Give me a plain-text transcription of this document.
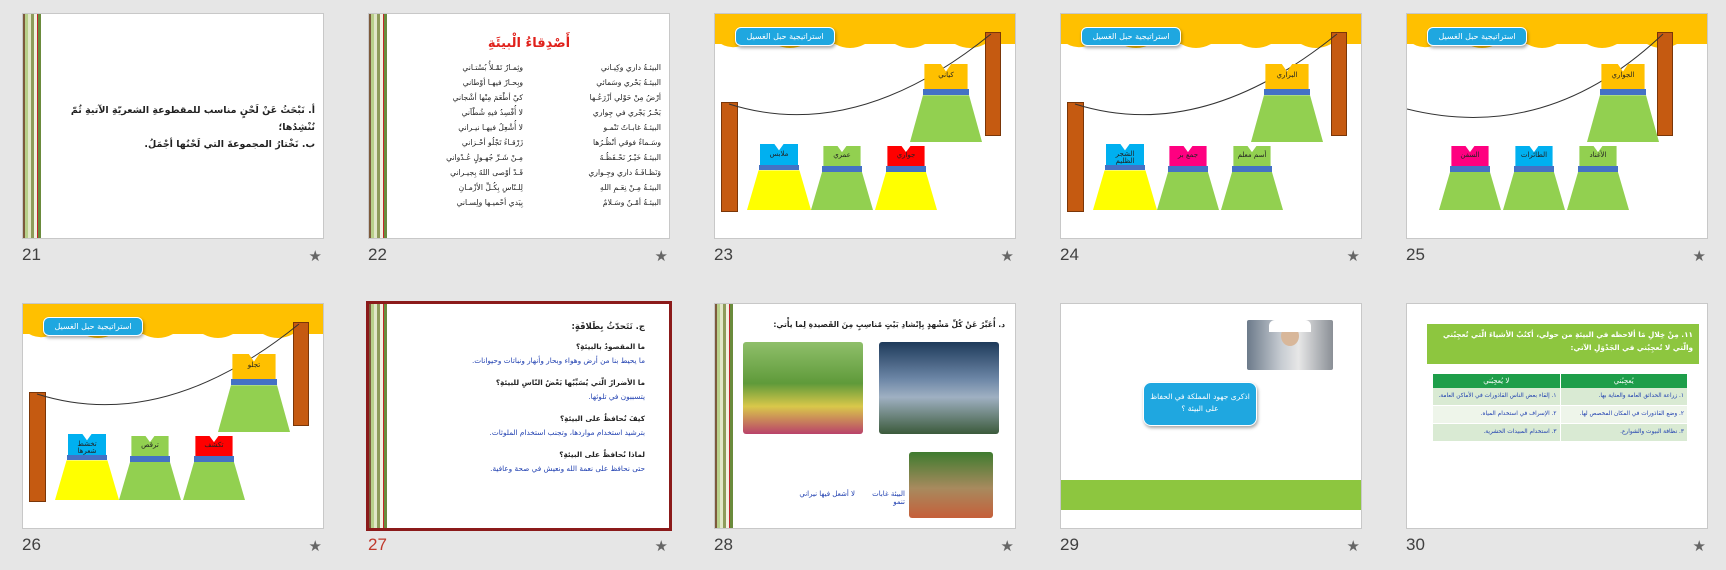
أ. نَبْحَثُ عَنْ لَحْنٍ مناسب للمقطوعةِ الشعريّةِ الآتيةِ ثُمّ نُنْشِدُها؛
ب. نَخْتارُ المجموعةَ التي لَحْنُها أجْمَلُ.
21	★
أَصْدِقاءُ الْبيئَةِ
البيئـةُ داري وكِيـاني
البيئـةُ بَحْري وسَمائي
أرْضُ مِنْ حَوْلي أزْرَعُـها
بَحْـرٌ يَجْري في جِواري
البيئـةُ غابـاتٌ تَنْمـو
وسَـماءٌ فوقي أنْظُـرُها
البيئـةُ خَيْـرٌ نَحْـفَظُـهُ
وَنَظـافَـةُ داري وجِـواري
البيئـةُ مِـنْ نِعَـمِ اللهِ
البيئـةُ أمْـنٌ وسَـلامٌ
وثِمـارٌ تَمْـلأُ بُسْتـاني
وبِحـارٌ فيهـا أوْطاني
كيْ أطْعَمَ مِنْها أشْجاني
لا أُفْسِدُ فيهِ شُطْآني
لا أُشْعِلُ فيهـا نيـراني
زَرْقـاءُ تَجْلُو أحْـزاني
مِـنْ شَـرِّ جُهـولٍ عُـدْواني
قَـدْ أوْصى اللهُ بِجيـراني
لِلـنّاسِ بِكُـلِّ الأزْمـانِ
بِيَدي أحْميـها ولِسـاني
22	★
استراتيجية حبل الغسيل
كياني
جواري
عمري
ملابس
23	★
استراتيجية حبل الغسيل
البراري
أسم معلم
جمع بر
الشجر الظليم
24	★
استراتيجية حبل الغسيل
الجواري
الأغناد
الطائرات
السفن
25	★
استراتيجية حبل الغسيل
تجلو
تكشف
ترقص
تخشط شعرها
26	★
ج. نَتَحدّثُ بِطَلاقَةٍ:
ما المقصودُ بالبيئةِ؟
ما يحيط بنا من أرض وهواء وبحار وأنهار ونباتات وحيوانات.
ما الأضرارُ الّتي يُسَبِّبُها بَعْضُ النّاسِ للبيئةِ؟
يتسببون في تلوثها.
كيفَ نُحافظُ على البيئةِ؟
بترشيد استخدام مواردها، وتجنب استخدام الملوثات.
لماذا نُحافظُ على البيئةِ؟
حتى نحافظ على نعمة الله ونعيش في صحة وعافية.
27	★
د. أُعَبِّرُ عَنْ كُلِّ مَشْهدٍ بِإنْشادِ بَيْتٍ مُناسِبٍ مِنَ القَصيدةِ لِما يأْتي:
البيئة غابات تنمو
لا أشعل فيها نيراني
28	★
اذكرى جهود المملكة في الحفاظ على البيئة ؟
29	★
١١. مِنْ خِلالِ مَا ألاحظه في البيئةِ من حولي، أكتُبُ الأشياءَ الّتي تُعجِبُني والّتي لا تُعجِبُني في الجَدْوَلِ الآتي:
لا يُعجِبُني	يُعجِبُني
١. إلقاء بعض الناس القاذورات في الأماكن العامة.	١. زراعة الحدائق العامة والعناية بها.
٢. الإسراف في استخدام المياه.	٢. وضع القاذورات في المكان المخصص لها.
٣. استخدام المبيدات الحشرية.	٣. نظافة البيوت والشوارع.
30	★
